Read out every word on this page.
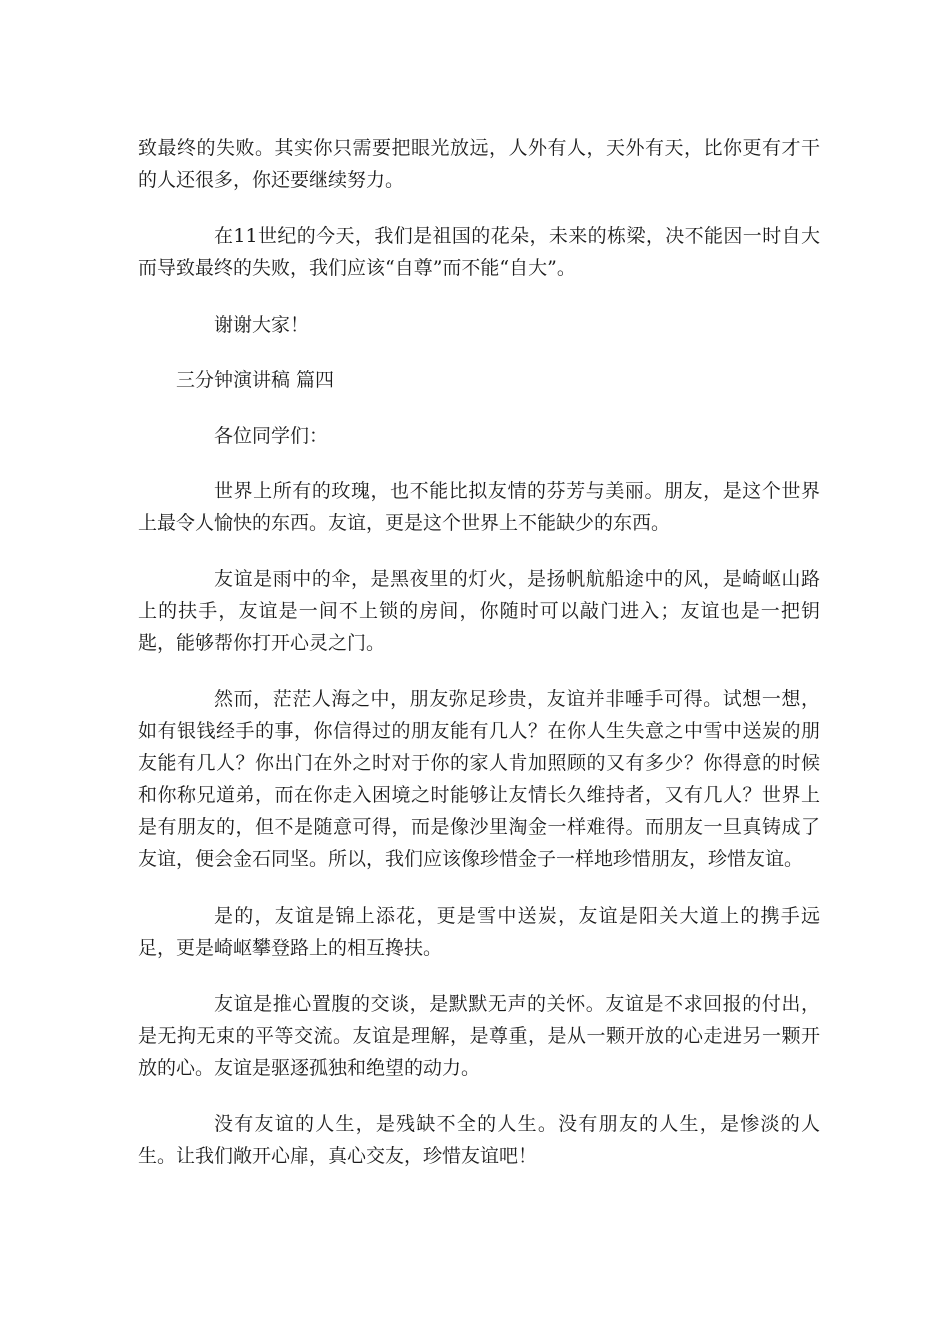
致最终的失败。其实你只需要把眼光放远，人外有人，天外有天，比你更有才干的人还很多，你还要继续努力。

在11世纪的今天，我们是祖国的花朵，未来的栋梁，决不能因一时自大而导致最终的失败，我们应该“自尊”而不能“自大”。

谢谢大家！

三分钟演讲稿 篇四

各位同学们：

世界上所有的玫瑰，也不能比拟友情的芬芳与美丽。朋友，是这个世界上最令人愉快的东西。友谊，更是这个世界上不能缺少的东西。

友谊是雨中的伞，是黑夜里的灯火，是扬帆航船途中的风，是崎岖山路上的扶手，友谊是一间不上锁的房间，你随时可以敲门进入；友谊也是一把钥匙，能够帮你打开心灵之门。

然而，茫茫人海之中，朋友弥足珍贵，友谊并非唾手可得。试想一想，如有银钱经手的事，你信得过的朋友能有几人？在你人生失意之中雪中送炭的朋友能有几人？你出门在外之时对于你的家人肯加照顾的又有多少？你得意的时候和你称兄道弟，而在你走入困境之时能够让友情长久维持者，又有几人？世界上是有朋友的，但不是随意可得，而是像沙里淘金一样难得。而朋友一旦真铸成了友谊，便会金石同坚。所以，我们应该像珍惜金子一样地珍惜朋友，珍惜友谊。

是的，友谊是锦上添花，更是雪中送炭，友谊是阳关大道上的携手远足，更是崎岖攀登路上的相互搀扶。

友谊是推心置腹的交谈，是默默无声的关怀。友谊是不求回报的付出，是无拘无束的平等交流。友谊是理解，是尊重，是从一颗开放的心走进另一颗开放的心。友谊是驱逐孤独和绝望的动力。

没有友谊的人生，是残缺不全的人生。没有朋友的人生，是惨淡的人生。让我们敞开心扉，真心交友，珍惜友谊吧！
